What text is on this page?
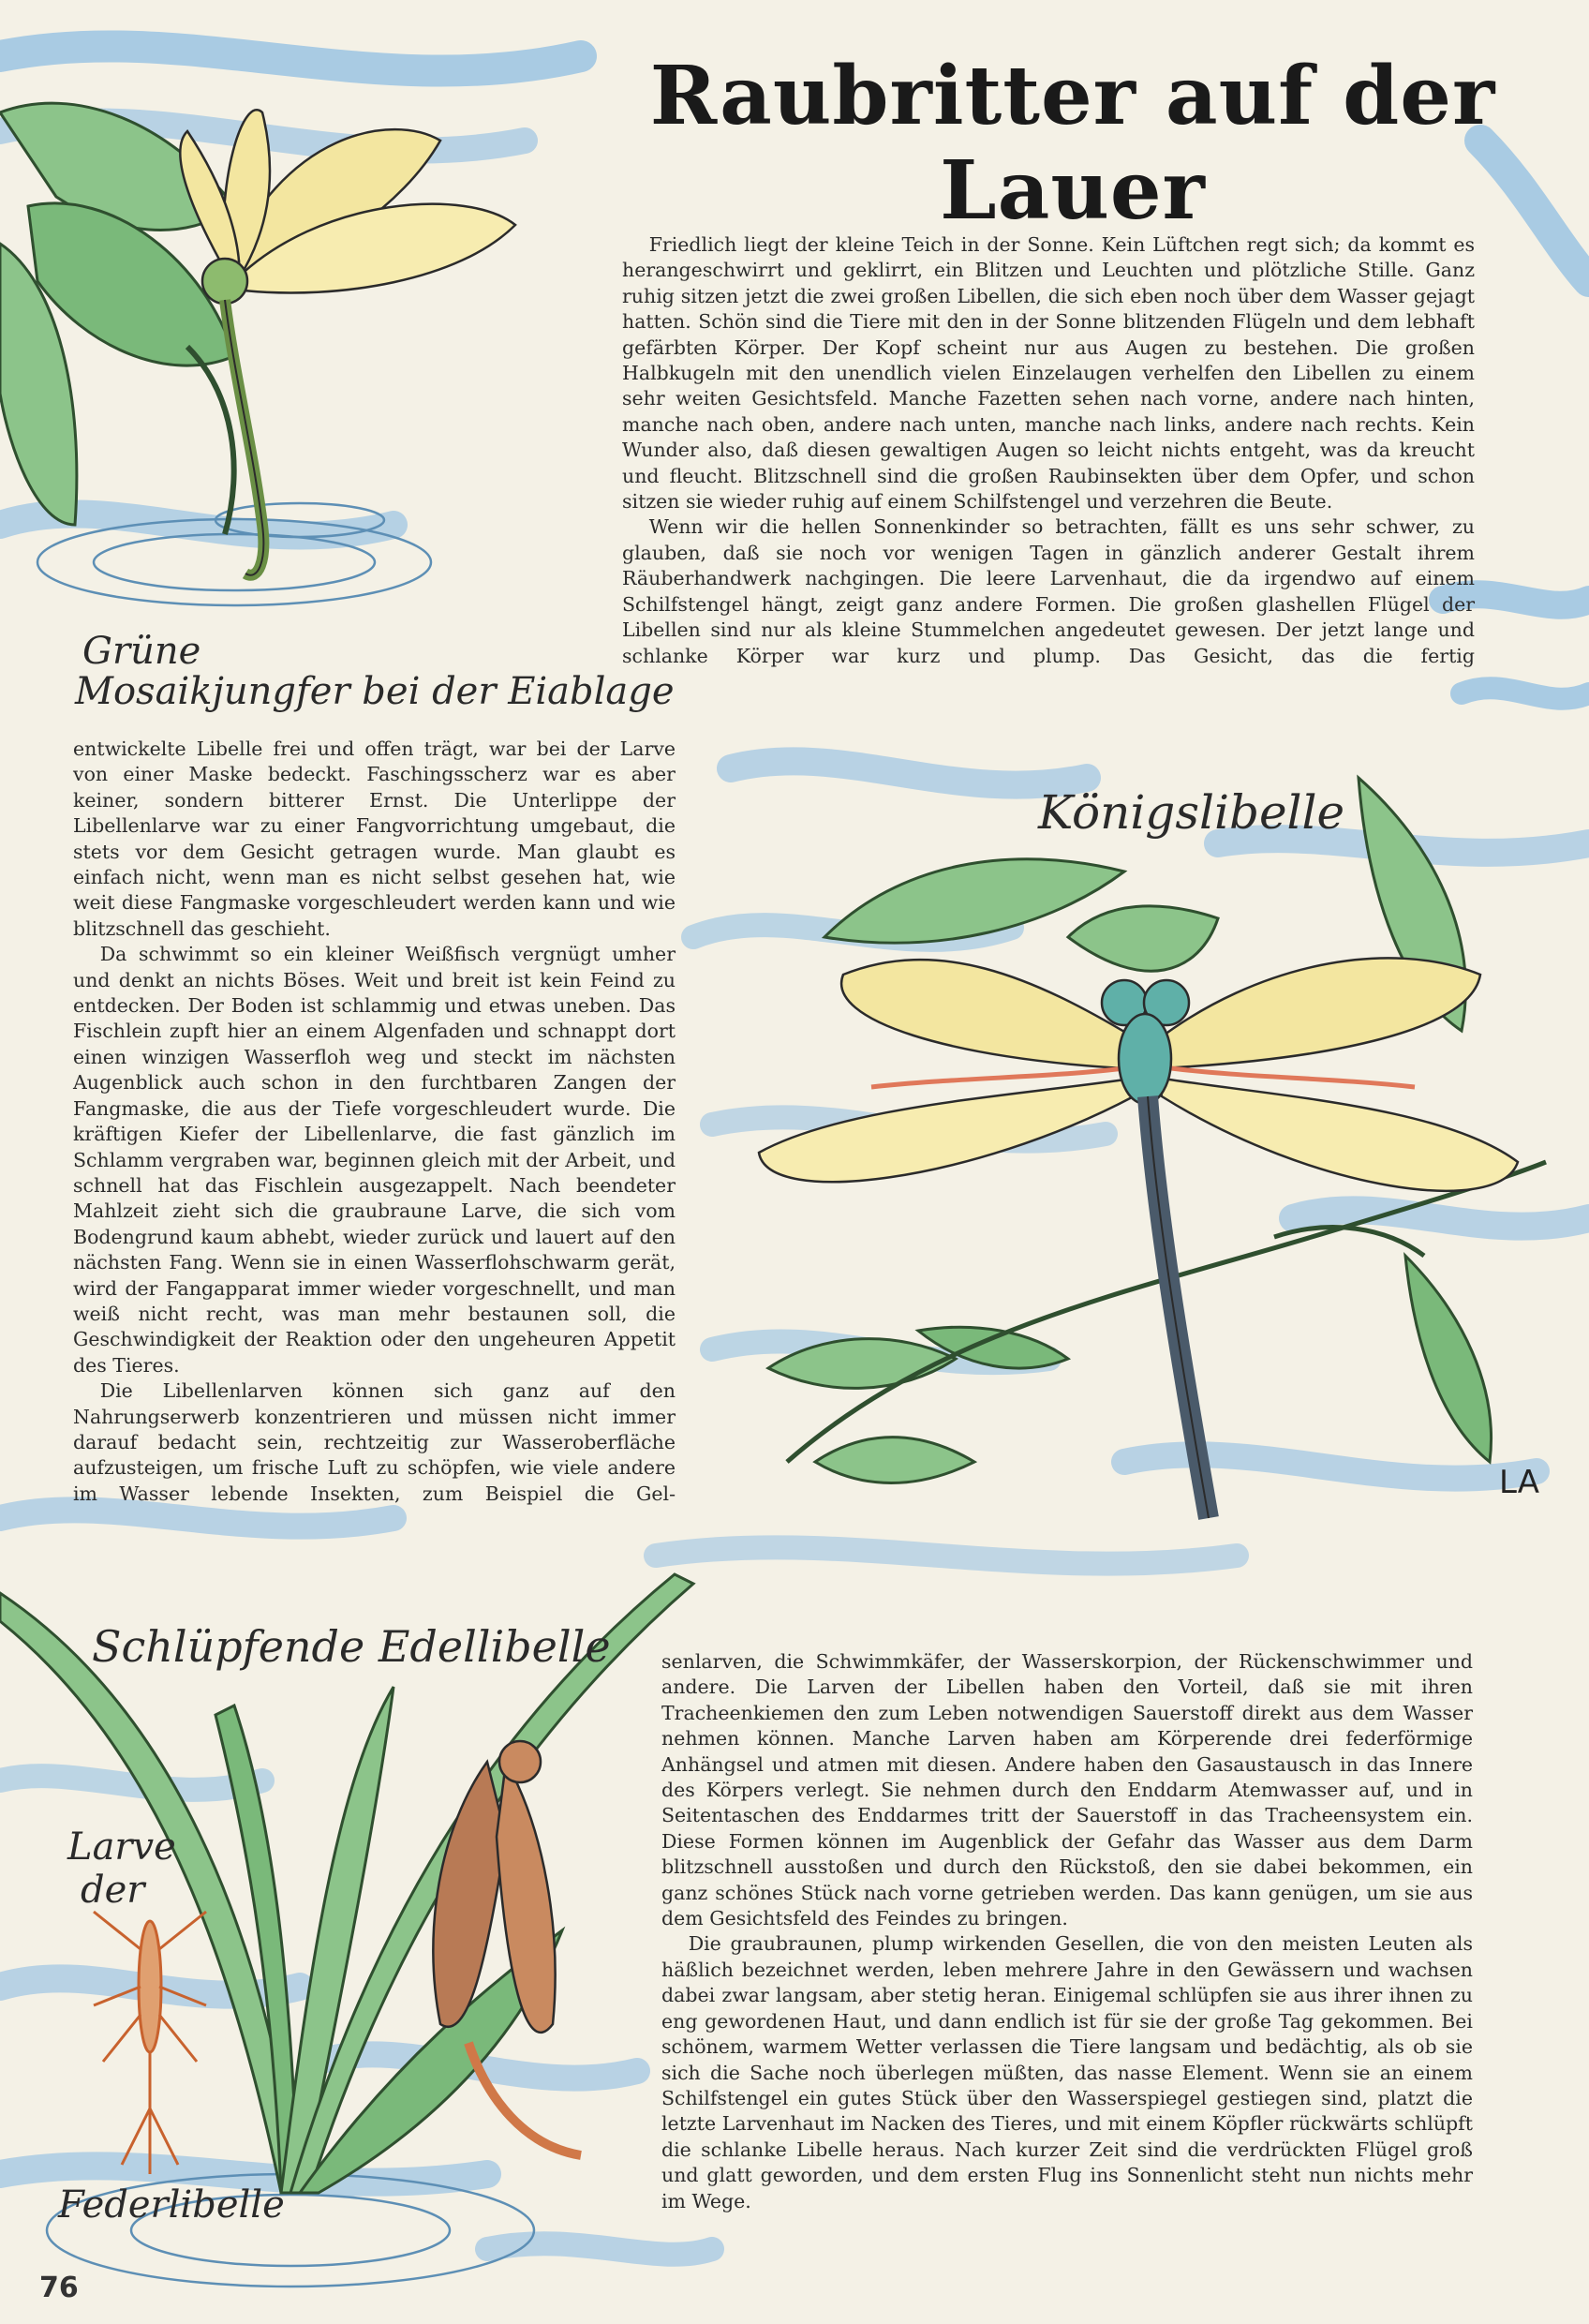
Raubritter auf der Lauer

Friedlich liegt der kleine Teich in der Sonne. Kein Lüftchen regt sich; da kommt es herangeschwirrt und geklirrt, ein Blitzen und Leuchten und plötzliche Stille. Ganz ruhig sitzen jetzt die zwei großen Libellen, die sich eben noch über dem Wasser gejagt hatten. Schön sind die Tiere mit den in der Sonne blitzenden Flügeln und dem lebhaft gefärbten Körper. Der Kopf scheint nur aus Augen zu bestehen. Die großen Halbkugeln mit den unendlich vielen Einzelaugen verhelfen den Libellen zu einem sehr weiten Gesichtsfeld. Manche Fazetten sehen nach vorne, andere nach hinten, manche nach oben, andere nach unten, manche nach links, andere nach rechts. Kein Wunder also, daß diesen gewaltigen Augen so leicht nichts entgeht, was da kreucht und fleucht. Blitzschnell sind die großen Raubinsekten über dem Opfer, und schon sitzen sie wieder ruhig auf einem Schilfstengel und verzehren die Beute.

Wenn wir die hellen Sonnenkinder so betrachten, fällt es uns sehr schwer, zu glauben, daß sie noch vor wenigen Tagen in gänzlich anderer Gestalt ihrem Räuberhandwerk nachgingen. Die leere Larvenhaut, die da irgendwo auf einem Schilfstengel hängt, zeigt ganz andere Formen. Die großen glashellen Flügel der Libellen sind nur als kleine Stummelchen angedeutet gewesen. Der jetzt lange und schlanke Körper war kurz und plump. Das Gesicht, das die fertig

entwickelte Libelle frei und offen trägt, war bei der Larve von einer Maske bedeckt. Faschingsscherz war es aber keiner, sondern bitterer Ernst. Die Unterlippe der Libellenlarve war zu einer Fangvorrichtung umgebaut, die stets vor dem Gesicht getragen wurde. Man glaubt es einfach nicht, wenn man es nicht selbst gesehen hat, wie weit diese Fangmaske vorgeschleudert werden kann und wie blitzschnell das geschieht.

Da schwimmt so ein kleiner Weißfisch vergnügt umher und denkt an nichts Böses. Weit und breit ist kein Feind zu entdecken. Der Boden ist schlammig und etwas uneben. Das Fischlein zupft hier an einem Algenfaden und schnappt dort einen winzigen Wasserfloh weg und steckt im nächsten Augenblick auch schon in den furchtbaren Zangen der Fangmaske, die aus der Tiefe vorgeschleudert wurde. Die kräftigen Kiefer der Libellenlarve, die fast gänzlich im Schlamm vergraben war, beginnen gleich mit der Arbeit, und schnell hat das Fischlein ausgezappelt. Nach beendeter Mahlzeit zieht sich die graubraune Larve, die sich vom Bodengrund kaum abhebt, wieder zurück und lauert auf den nächsten Fang. Wenn sie in einen Wasserflohschwarm gerät, wird der Fangapparat immer wieder vorgeschnellt, und man weiß nicht recht, was man mehr bestaunen soll, die Geschwindigkeit der Reaktion oder den ungeheuren Appetit des Tieres.

Die Libellenlarven können sich ganz auf den Nahrungserwerb konzentrieren und müssen nicht immer darauf bedacht sein, rechtzeitig zur Wasseroberfläche aufzusteigen, um frische Luft zu schöpfen, wie viele andere im Wasser lebende Insekten, zum Beispiel die Gel-

senlarven, die Schwimmkäfer, der Wasserskorpion, der Rückenschwimmer und andere. Die Larven der Libellen haben den Vorteil, daß sie mit ihren Tracheenkiemen den zum Leben notwendigen Sauerstoff direkt aus dem Wasser nehmen können. Manche Larven haben am Körperende drei federförmige Anhängsel und atmen mit diesen. Andere haben den Gasaustausch in das Innere des Körpers verlegt. Sie nehmen durch den Enddarm Atemwasser auf, und in Seitentaschen des Enddarmes tritt der Sauerstoff in das Tracheensystem ein. Diese Formen können im Augenblick der Gefahr das Wasser aus dem Darm blitzschnell ausstoßen und durch den Rückstoß, den sie dabei bekommen, ein ganz schönes Stück nach vorne getrieben werden. Das kann genügen, um sie aus dem Gesichtsfeld des Feindes zu bringen.

Die graubraunen, plump wirkenden Gesellen, die von den meisten Leuten als häßlich bezeichnet werden, leben mehrere Jahre in den Gewässern und wachsen dabei zwar langsam, aber stetig heran. Einigemal schlüpfen sie aus ihrer ihnen zu eng gewordenen Haut, und dann endlich ist für sie der große Tag gekommen. Bei schönem, warmem Wetter verlassen die Tiere langsam und bedächtig, als ob sie sich die Sache noch überlegen müßten, das nasse Element. Wenn sie an einem Schilfstengel ein gutes Stück über den Wasserspiegel gestiegen sind, platzt die letzte Larvenhaut im Nacken des Tieres, und mit einem Köpfler rückwärts schlüpft die schlanke Libelle heraus. Nach kurzer Zeit sind die verdrückten Flügel groß und glatt geworden, und dem ersten Flug ins Sonnenlicht steht nun nichts mehr im Wege.

Grüne
Mosaikjungfer bei der Eiablage
Königslibelle
Schlüpfende Edellibelle
Larve
der
Federlibelle
LA
76
